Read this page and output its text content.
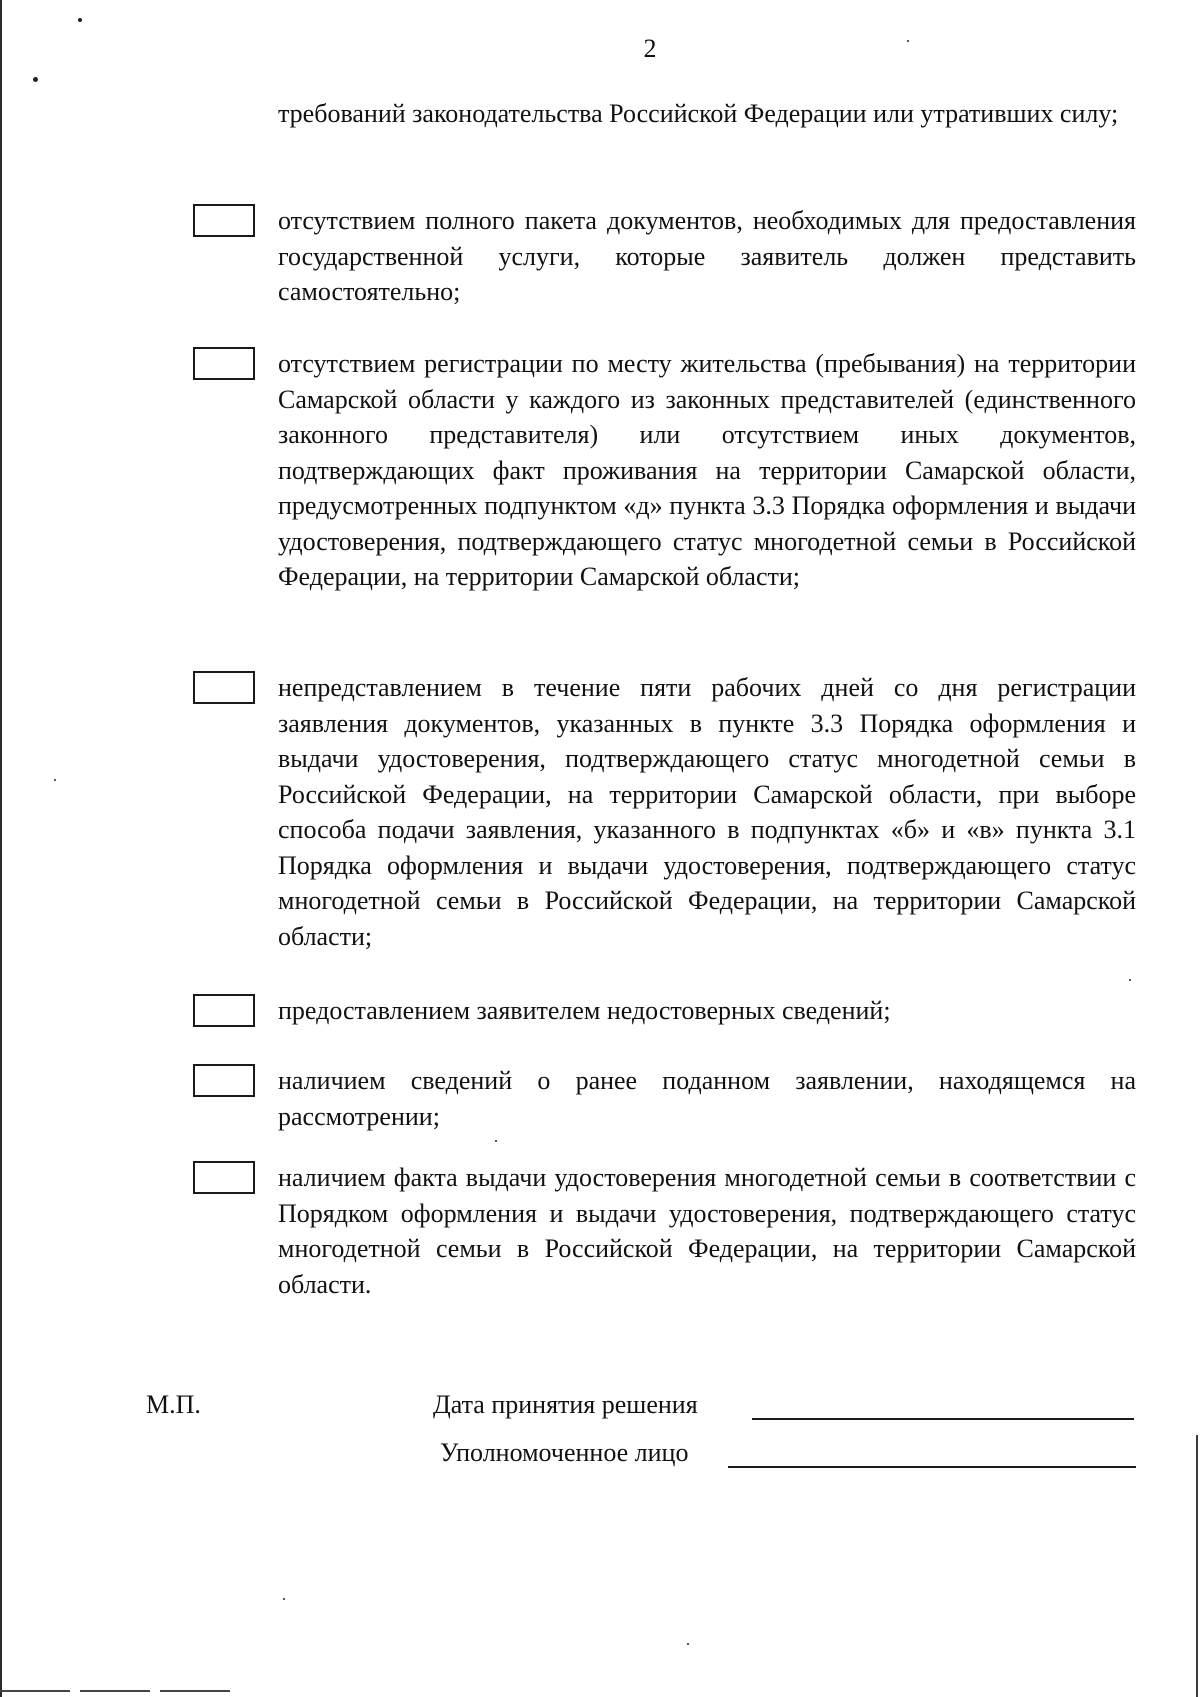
2
требований законодательства Российской Федерации или утративших силу;
отсутствием полного пакета документов, необходимых для предоставления государственной услуги, которые заявитель должен представить самостоятельно;
отсутствием регистрации по месту жительства (пребывания) на территории Самарской области у каждого из законных представителей (единственного законного представителя) или отсутствием иных документов, подтверждающих факт проживания на территории Самарской области, предусмотренных подпунктом «д» пункта 3.3 Порядка оформления и выдачи удостоверения, подтверждающего статус многодетной семьи в Российской Федерации, на территории Самарской области;
непредставлением в течение пяти рабочих дней со дня регистрации заявления документов, указанных в пункте 3.3 Порядка оформления и выдачи удостоверения, подтверждающего статус многодетной семьи в Российской Федерации, на территории Самарской области, при выборе способа подачи заявления, указанного в подпунктах «б» и «в» пункта 3.1 Порядка оформления и выдачи удостоверения, подтверждающего статус многодетной семьи в Российской Федерации, на территории Самарской области;
предоставлением заявителем недостоверных сведений;
наличием сведений о ранее поданном заявлении, находящемся на рассмотрении;
наличием факта выдачи удостоверения многодетной семьи в соответствии с Порядком оформления и выдачи удостоверения, подтверждающего статус многодетной семьи в Российской Федерации, на территории Самарской области.
М.П.	Дата принятия решения
Уполномоченное лицо
